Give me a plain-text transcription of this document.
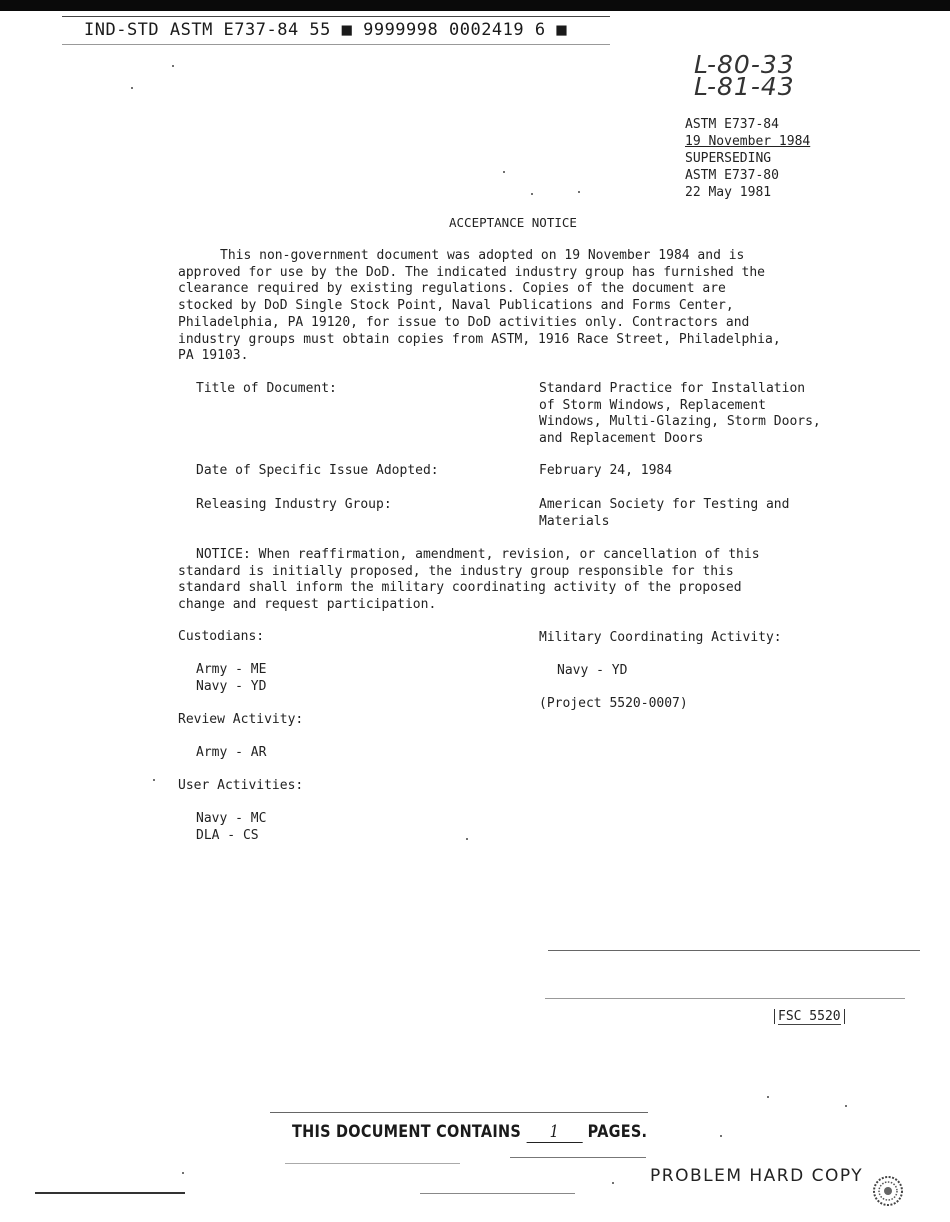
IND-STD ASTM E737-84 55 ■ 9999998 0002419 6 ■
L-80-33
L-81-43
ASTM E737-84
19 November 1984
SUPERSEDING
ASTM E737-80
22 May 1981
ACCEPTANCE NOTICE
This non-government document was adopted on 19 November 1984 and is
approved for use by the DoD. The indicated industry group has furnished the
clearance required by existing regulations. Copies of the document are
stocked by DoD Single Stock Point, Naval Publications and Forms Center,
Philadelphia, PA 19120, for issue to DoD activities only. Contractors and
industry groups must obtain copies from ASTM, 1916 Race Street, Philadelphia,
PA 19103.
Title of Document:	Standard Practice for Installation
of Storm Windows, Replacement
Windows, Multi-Glazing, Storm Doors,
and Replacement Doors
Date of Specific Issue Adopted:	February 24, 1984
Releasing Industry Group:	American Society for Testing and
Materials
NOTICE: When reaffirmation, amendment, revision, or cancellation of this
standard is initially proposed, the industry group responsible for this
standard shall inform the military coordinating activity of the proposed
change and request participation.
Custodians:
Army - ME
Navy - YD
Review Activity:
Army - AR
User Activities:
Navy - MC
DLA - CS
Military Coordinating Activity:
Navy - YD
(Project 5520-0007)
FSC 5520
THIS DOCUMENT CONTAINS 1 PAGES.
PROBLEM HARD COPY
